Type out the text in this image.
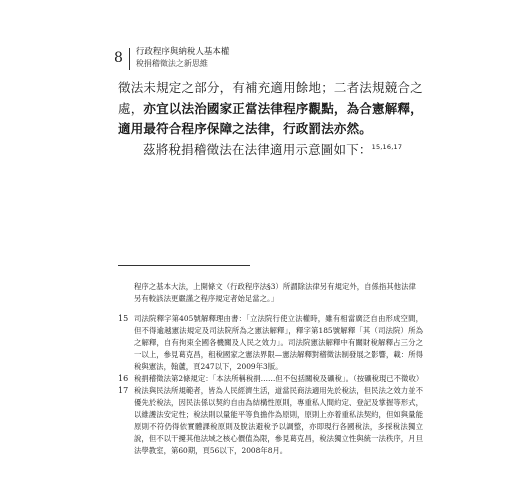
8 行政程序與納稅人基本權
稅捐稽徵法之新思維

徵法未規定之部分，有補充適用餘地；二者法規競合之處，亦宜以法治國家正當法律程序觀點，為合憲解釋，適用最符合程序保障之法律，行政罰法亦然。

茲將稅捐稽徵法在法律適用示意圖如下：$^{15,16,17}$

程序之基本大法，上開條文（行政程序法§3）所謂除法律另有規定外，自係指其他法律另有較該法更嚴謹之程序規定者始足當之。」

15 司法院釋字第405號解釋理由書：「立法院行使立法權時，雖有相當廣泛自由形成空間，但不得逾越憲法規定及司法院所為之憲法解釋」，釋字第185號解釋「其（司法院）所為之解釋，自有拘束全國各機關及人民之效力」。司法院憲法解釋中有關財稅解釋占三分之一以上，參見葛克昌，租稅國家之憲法界限—憲法解釋對稽徵法制發展之影響，載：所得稅與憲法，翰蘆，頁247以下，2009年3版。
16 稅捐稽徵法第2條規定：「本法所稱稅捐……但不包括關稅及礦稅」。（按礦稅現已不徵收）
17 稅法與民法所規範者，皆為人民經濟生活，道當民商法適用先於稅法，但民法之效力並不優先於稅法，因民法係以契約自由為結構性原則，專重私人間約定、登記及掌握等形式，以維護法安定性；稅法則以量能平等負擔作為原則，原則上亦着重私法契約，但如與量能原則不符仍得依實體課稅原則及脫法避稅予以調整，亦即現行各國稅法，多採稅法獨立說，但不以干擾其他法域之核心價值為限，參見葛克昌，稅法獨立性與統一法秩序，月旦法學教室，第60期，頁56以下，2008年8月。
